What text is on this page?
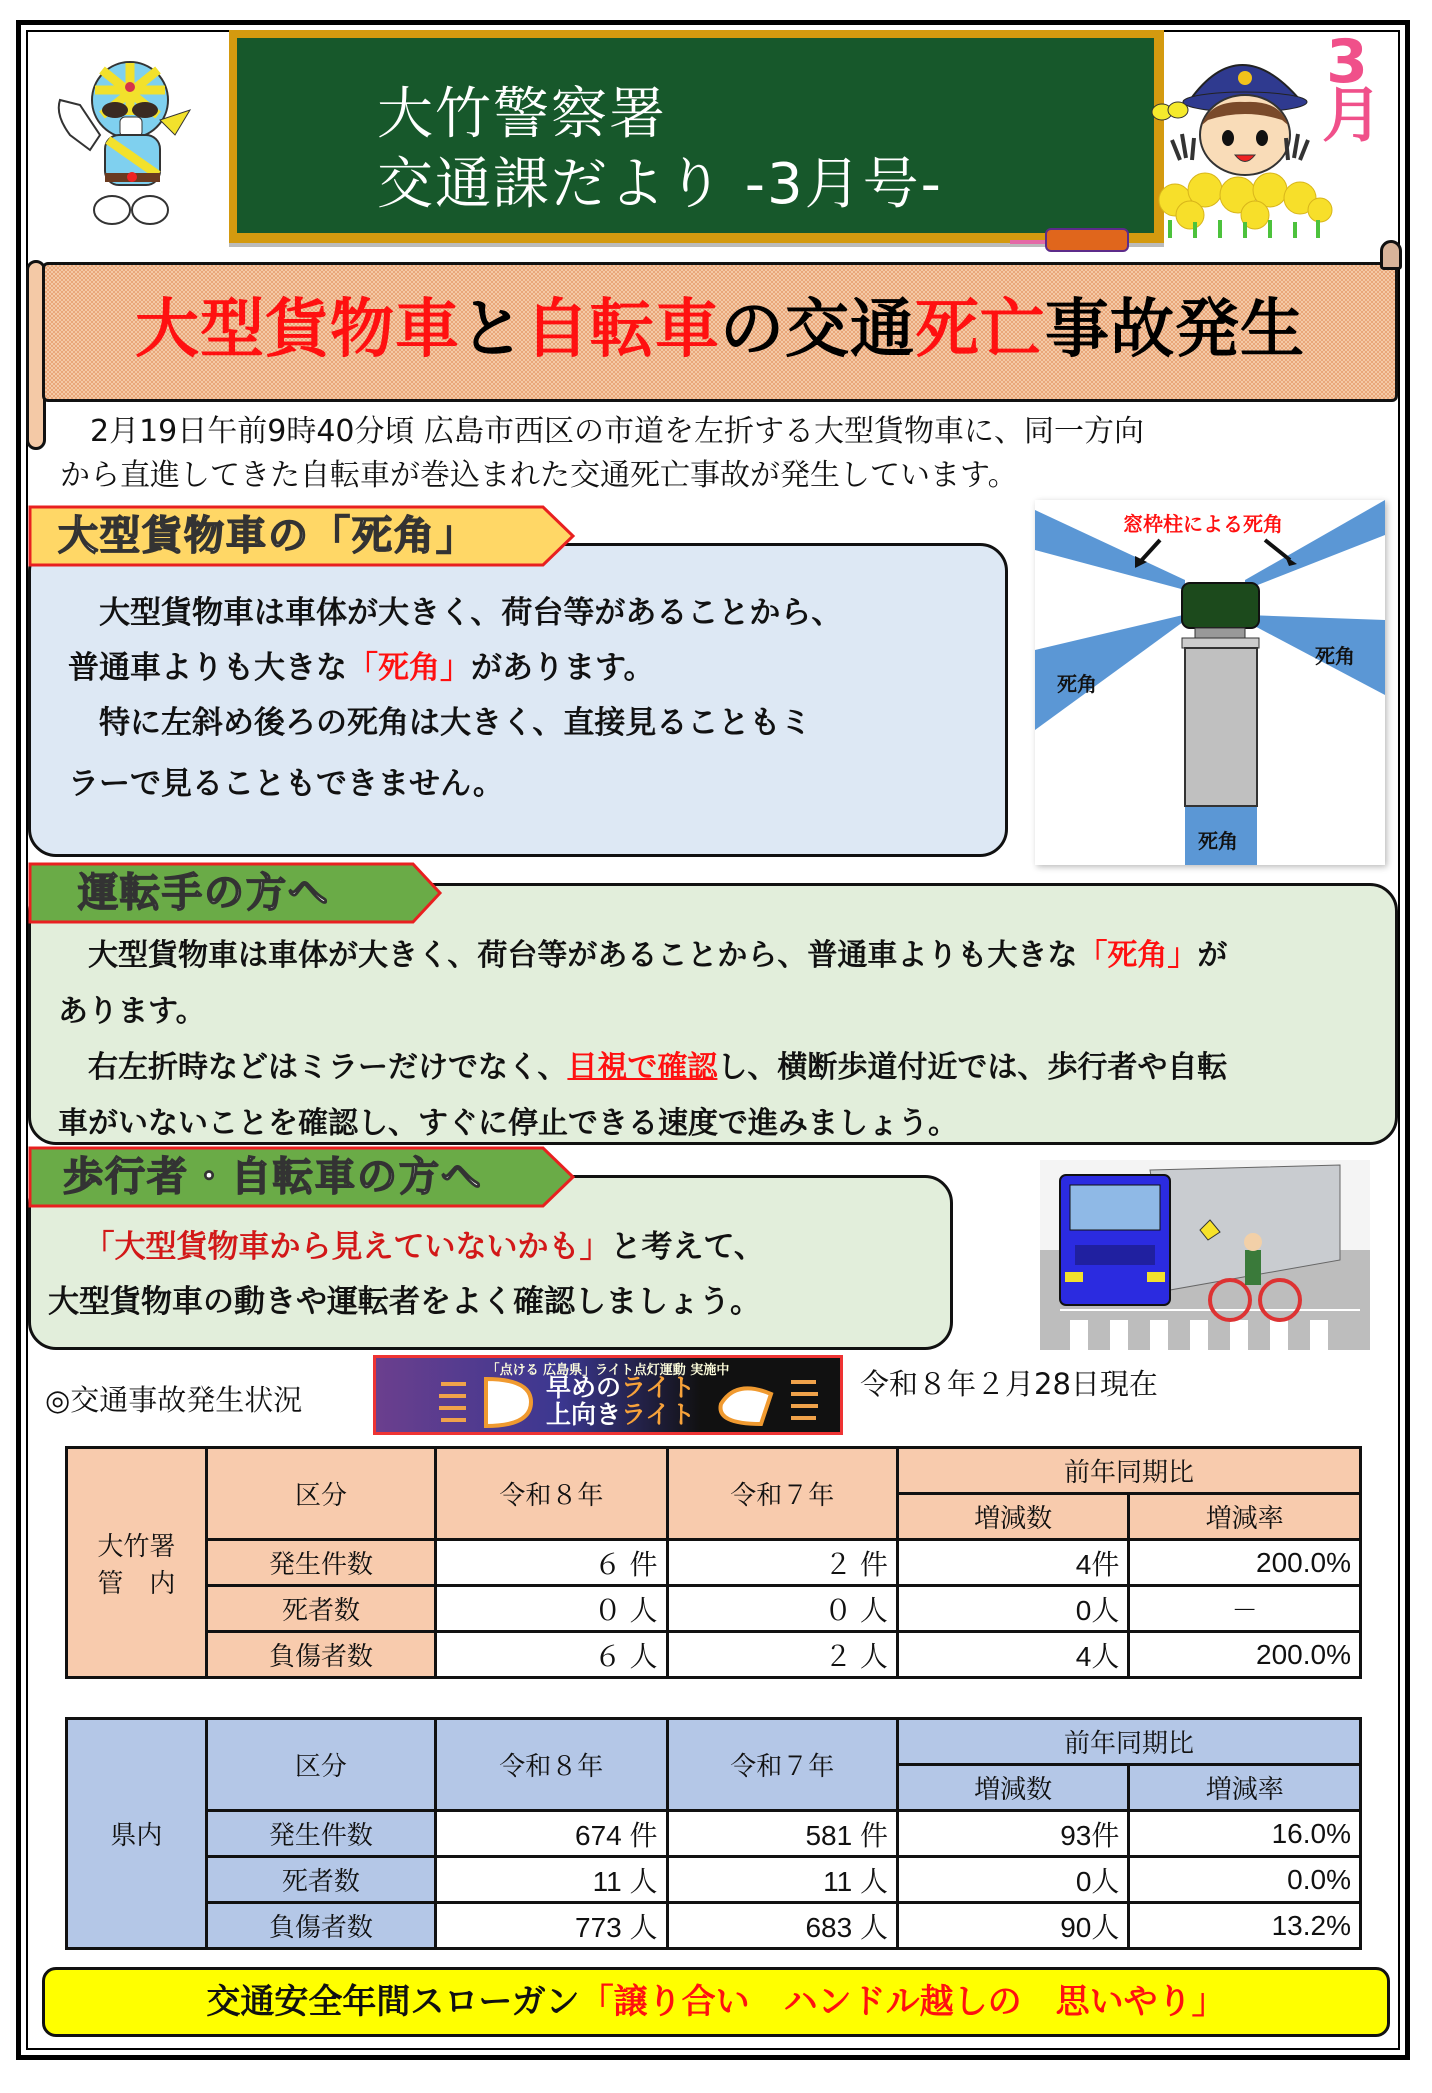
大竹警察署
交通課だより -3月号-
3月
大型貨物車と自転車の交通死亡事故発生
　2月19日午前9時40分頃 広島市西区の市道を左折する大型貨物車に、同一方向
から直進してきた自転車が巻込まれた交通死亡事故が発生しています。
大型貨物車の「死角」
　大型貨物車は車体が大きく、荷台等があることから、
普通車よりも大きな「死角」があります。
　特に左斜め後ろの死角は大きく、直接見ることもミ
ラーで見ることもできません。
窓枠柱による死角
死角
死角
死角
運転手の方へ
　大型貨物車は車体が大きく、荷台等があることから、普通車よりも大きな「死角」が
あります。
　右左折時などはミラーだけでなく、目視で確認し、横断歩道付近では、歩行者や自転
車がいないことを確認し、すぐに停止できる速度で進みましょう。
歩行者・自転車の方へ
　「大型貨物車から見えていないかも」と考えて、
大型貨物車の動きや運転者をよく確認しましょう。
◎交通事故発生状況
「点ける 広島県」ライト点灯運動 実施中
早めのライト
上向きライト
令和８年２月28日現在
大竹署
管　内	区分	令和８年	令和７年	前年同期比	
				増減数	増減率
	発生件数	６ 件	２ 件	4件	200.0%
	死者数	０ 人	０ 人	0人	－
	負傷者数	６ 人	２ 人	4人	200.0%
県内	区分	令和８年	令和７年	前年同期比	
				増減数	増減率
	発生件数	674 件	581 件	93件	16.0%
	死者数	11 人	11 人	0人	0.0%
	負傷者数	773 人	683 人	90人	13.2%
交通安全年間スローガン「譲り合い　ハンドル越しの　思いやり」
